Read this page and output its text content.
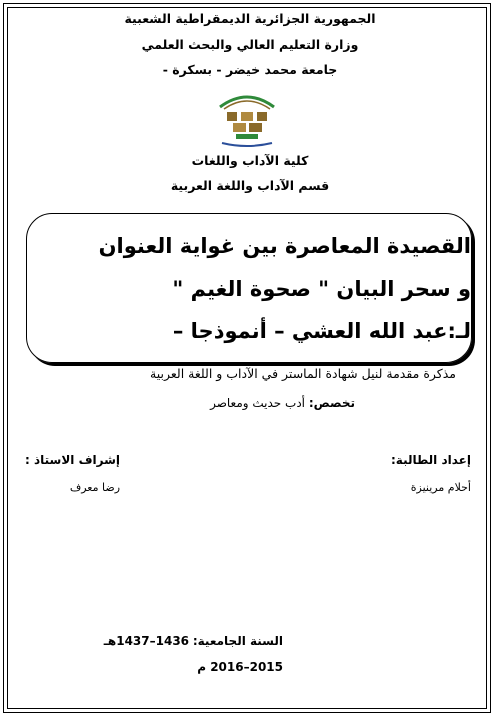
الجمهورية الجزائرية الديمقراطية الشعبية
وزارة التعليم العالي والبحث العلمي
جامعة محمد خيضر - بسكرة -
كلية الآداب واللغات
قسم الآداب واللغة العربية
القصيدة المعاصرة بين غواية العنوان
و سحر البيان " صحوة الغيم "
لـ:عبد الله العشي – أنموذجا –
مذكرة مقدمة لنيل شهادة الماستر في الآداب و اللغة العربية
تخصص: أدب حديث ومعاصر
إشراف الاستاذ :	إعداد الطالبة:
رضا معرف	أحلام مرينيزة
السنة الجامعية: 1436–1437هـ
2015–2016 م
